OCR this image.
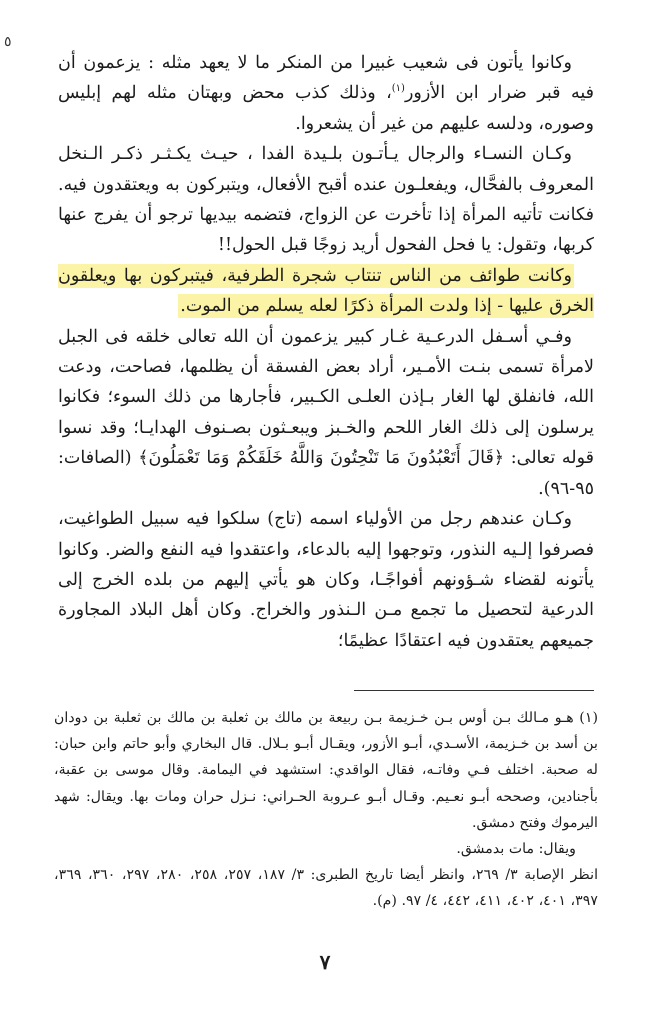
٥

وكانوا يأتون فى شعيب غبيرا من المنكر ما لا يعهد مثله : يزعمون أن فيه قبر ضرار ابن الأزور$^{(١)}$، وذلك كذب محض وبهتان مثله لهم إبليس وصوره، ودلسه عليهم من غير أن يشعروا.

وكـان النسـاء والرجال يـأتـون بلـيدة الفدا ، حيـث يكـثـر ذكـر الـنخل المعروف بالفحَّال، ويفعلـون عنده أقبح الأفعال، ويتبركون به ويعتقدون فيه. فكانت تأتيه المرأة إذا تأخرت عن الزواج، فتضمه بيديها ترجو أن يفرج عنها كربها، وتقول: يا فحل الفحول أريد زوجًا قبل الحول!!

وكانت طوائف من الناس تنتاب شجرة الطرفية، فيتبركون بها ويعلقون الخرق عليها - إذا ولدت المرأة ذكرًا لعله يسلم من الموت.

وفـي أسـفل الدرعـية غـار كبير يزعمون أن الله تعالى خلقه فى الجبل لامرأة تسمى بنـت الأمـير، أراد بعض الفسقة أن يظلمها، فصاحت، ودعت الله، فانفلق لها الغار بـإذن العلـى الكـبير، فأجارها من ذلك السوء؛ فكانوا يرسلون إلى ذلك الغار اللحم والخـبز ويبعـثون بصـنوف الهدايـا؛ وقد نسوا قوله تعالى: ﴿قَالَ أَتَعْبُدُونَ مَا تَنْحِتُونَ وَاللَّهُ خَلَقَكُمْ وَمَا تَعْمَلُونَ﴾ (الصافات: ٩٥-٩٦).

وكـان عندهم رجل من الأولياء اسمه (تاج) سلكوا فيه سبيل الطواغيت، فصرفوا إلـيه النذور، وتوجهوا إليه بالدعاء، واعتقدوا فيه النفع والضر. وكانوا يأتونه لقضاء شـؤونهم أفواجًـا، وكان هو يأتي إليهم من بلده الخرج إلى الدرعية لتحصيل ما تجمع مـن الـنذور والخراج. وكان أهل البلاد المجاورة جميعهم يعتقدون فيه اعتقادًا عظيمًا؛

(١) هـو مـالك بـن أوس بـن خـزيمة بـن ربيعة بن مالك بن ثعلبة بن مالك بن ثعلبة بن دودان بن أسد بن خـزيمة، الأسـدي، أبـو الأزور، ويقـال أبـو بـلال. قال البخاري وأبو حاتم وابن حبان: له صحبة. اختلف فـي وفاتـه، فقال الواقدي: استشهد في اليمامة. وقال موسى بن عقبة، بأجنادين، وصححه أبـو نعـيم. وقـال أبـو عـروبة الحـراني: نـزل حران ومات بها. ويقال: شهد اليرموك وفتح دمشق.

ويقال: مات بدمشق.

انظر الإصابة ٣/ ٢٦٩، وانظر أيضا تاريخ الطبرى: ٣/ ١٨٧، ٢٥٧، ٢٥٨، ٢٨٠، ٢٩٧، ٣٦٠، ٣٦٩، ٣٩٧، ٤٠١، ٤٠٢، ٤١١، ٤٤٢، ٤/ ٩٧. (م).

٧
